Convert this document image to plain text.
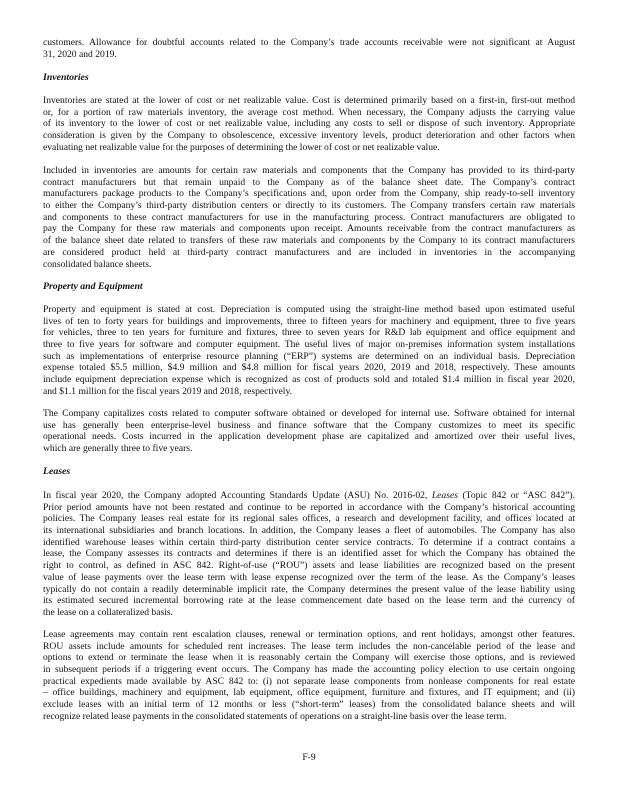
customers. Allowance for doubtful accounts related to the Company’s trade accounts receivable were not significant at August
31, 2020 and 2019.
Inventories
Inventories are stated at the lower of cost or net realizable value. Cost is determined primarily based on a first-in, first-out method
or, for a portion of raw materials inventory, the average cost method. When necessary, the Company adjusts the carrying value
of its inventory to the lower of cost or net realizable value, including any costs to sell or dispose of such inventory. Appropriate
consideration is given by the Company to obsolescence, excessive inventory levels, product deterioration and other factors when
evaluating net realizable value for the purposes of determining the lower of cost or net realizable value.
Included in inventories are amounts for certain raw materials and components that the Company has provided to its third-party
contract manufacturers but that remain unpaid to the Company as of the balance sheet date. The Company’s contract
manufacturers package products to the Company’s specifications and, upon order from the Company, ship ready-to-sell inventory
to either the Company’s third-party distribution centers or directly to its customers. The Company transfers certain raw materials
and components to these contract manufacturers for use in the manufacturing process. Contract manufacturers are obligated to
pay the Company for these raw materials and components upon receipt. Amounts receivable from the contract manufacturers as
of the balance sheet date related to transfers of these raw materials and components by the Company to its contract manufacturers
are considered product held at third-party contract manufacturers and are included in inventories in the accompanying
consolidated balance sheets.
Property and Equipment
Property and equipment is stated at cost. Depreciation is computed using the straight-line method based upon estimated useful
lives of ten to forty years for buildings and improvements, three to fifteen years for machinery and equipment, three to five years
for vehicles, three to ten years for furniture and fixtures, three to seven years for R&D lab equipment and office equipment and
three to five years for software and computer equipment. The useful lives of major on-premises information system installations
such as implementations of enterprise resource planning (“ERP”) systems are determined on an individual basis. Depreciation
expense totaled $5.5 million, $4.9 million and $4.8 million for fiscal years 2020, 2019 and 2018, respectively. These amounts
include equipment depreciation expense which is recognized as cost of products sold and totaled $1.4 million in fiscal year 2020,
and $1.1 million for the fiscal years 2019 and 2018, respectively.
The Company capitalizes costs related to computer software obtained or developed for internal use. Software obtained for internal
use has generally been enterprise-level business and finance software that the Company customizes to meet its specific
operational needs. Costs incurred in the application development phase are capitalized and amortized over their useful lives,
which are generally three to five years.
Leases
In fiscal year 2020, the Company adopted Accounting Standards Update (ASU) No. 2016-02, Leases (Topic 842 or “ASC 842”).
Prior period amounts have not been restated and continue to be reported in accordance with the Company’s historical accounting
policies. The Company leases real estate for its regional sales offices, a research and development facility, and offices located at
its international subsidiaries and branch locations. In addition, the Company leases a fleet of automobiles. The Company has also
identified warehouse leases within certain third-party distribution center service contracts. To determine if a contract contains a
lease, the Company assesses its contracts and determines if there is an identified asset for which the Company has obtained the
right to control, as defined in ASC 842. Right-of-use (“ROU”) assets and lease liabilities are recognized based on the present
value of lease payments over the lease term with lease expense recognized over the term of the lease. As the Company’s leases
typically do not contain a readily determinable implicit rate, the Company determines the present value of the lease liability using
its estimated secured incremental borrowing rate at the lease commencement date based on the lease term and the currency of
the lease on a collateralized basis.
Lease agreements may contain rent escalation clauses, renewal or termination options, and rent holidays, amongst other features.
ROU assets include amounts for scheduled rent increases. The lease term includes the non-cancelable period of the lease and
options to extend or terminate the lease when it is reasonably certain the Company will exercise those options, and is reviewed
in subsequent periods if a triggering event occurs. The Company has made the accounting policy election to use certain ongoing
practical expedients made available by ASC 842 to: (i) not separate lease components from nonlease components for real estate
– office buildings, machinery and equipment, lab equipment, office equipment, furniture and fixtures, and IT equipment; and (ii)
exclude leases with an initial term of 12 months or less (“short-term” leases) from the consolidated balance sheets and will
recognize related lease payments in the consolidated statements of operations on a straight-line basis over the lease term.
F-9
